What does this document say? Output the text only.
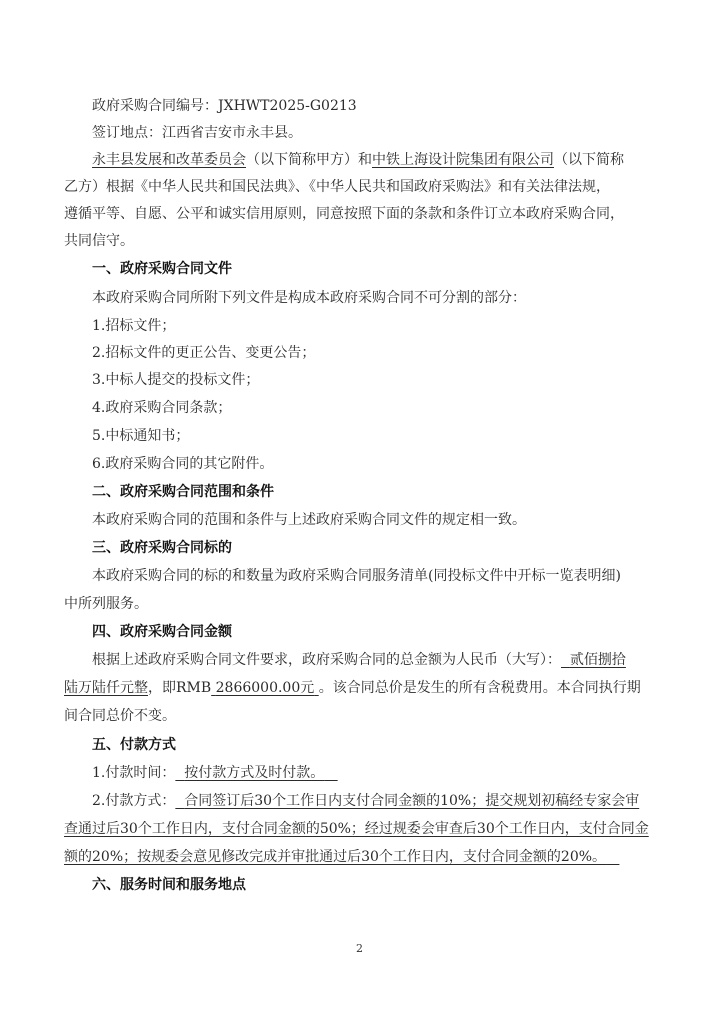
政府采购合同编号：JXHWT2025-G0213
签订地点：江西省吉安市永丰县。
永丰县发展和改革委员会（以下简称甲方）和中铁上海设计院集团有限公司（以下简称
乙方）根据《中华人民共和国民法典》、《中华人民共和国政府采购法》和有关法律法规，
遵循平等、自愿、公平和诚实信用原则，同意按照下面的条款和条件订立本政府采购合同，
共同信守。
一、政府采购合同文件
本政府采购合同所附下列文件是构成本政府采购合同不可分割的部分：
1.招标文件；
2.招标文件的更正公告、变更公告；
3.中标人提交的投标文件；
4.政府采购合同条款；
5.中标通知书；
6.政府采购合同的其它附件。
二、政府采购合同范围和条件
本政府采购合同的范围和条件与上述政府采购合同文件的规定相一致。
三、政府采购合同标的
本政府采购合同的标的和数量为政府采购合同服务清单(同投标文件中开标一览表明细)
中所列服务。
四、政府采购合同金额
根据上述政府采购合同文件要求，政府采购合同的总金额为人民币（大写）： 贰佰捌拾
陆万陆仟元整，即RMB 2866000.00元 。该合同总价是发生的所有含税费用。本合同执行期
间合同总价不变。
五、付款方式
1.付款时间： 按付款方式及时付款。
2.付款方式： 合同签订后30个工作日内支付合同金额的10%；提交规划初稿经专家会审
查通过后30个工作日内，支付合同金额的50%；经过规委会审查后30个工作日内，支付合同金
额的20%；按规委会意见修改完成并审批通过后30个工作日内，支付合同金额的20%。
六、服务时间和服务地点
2
